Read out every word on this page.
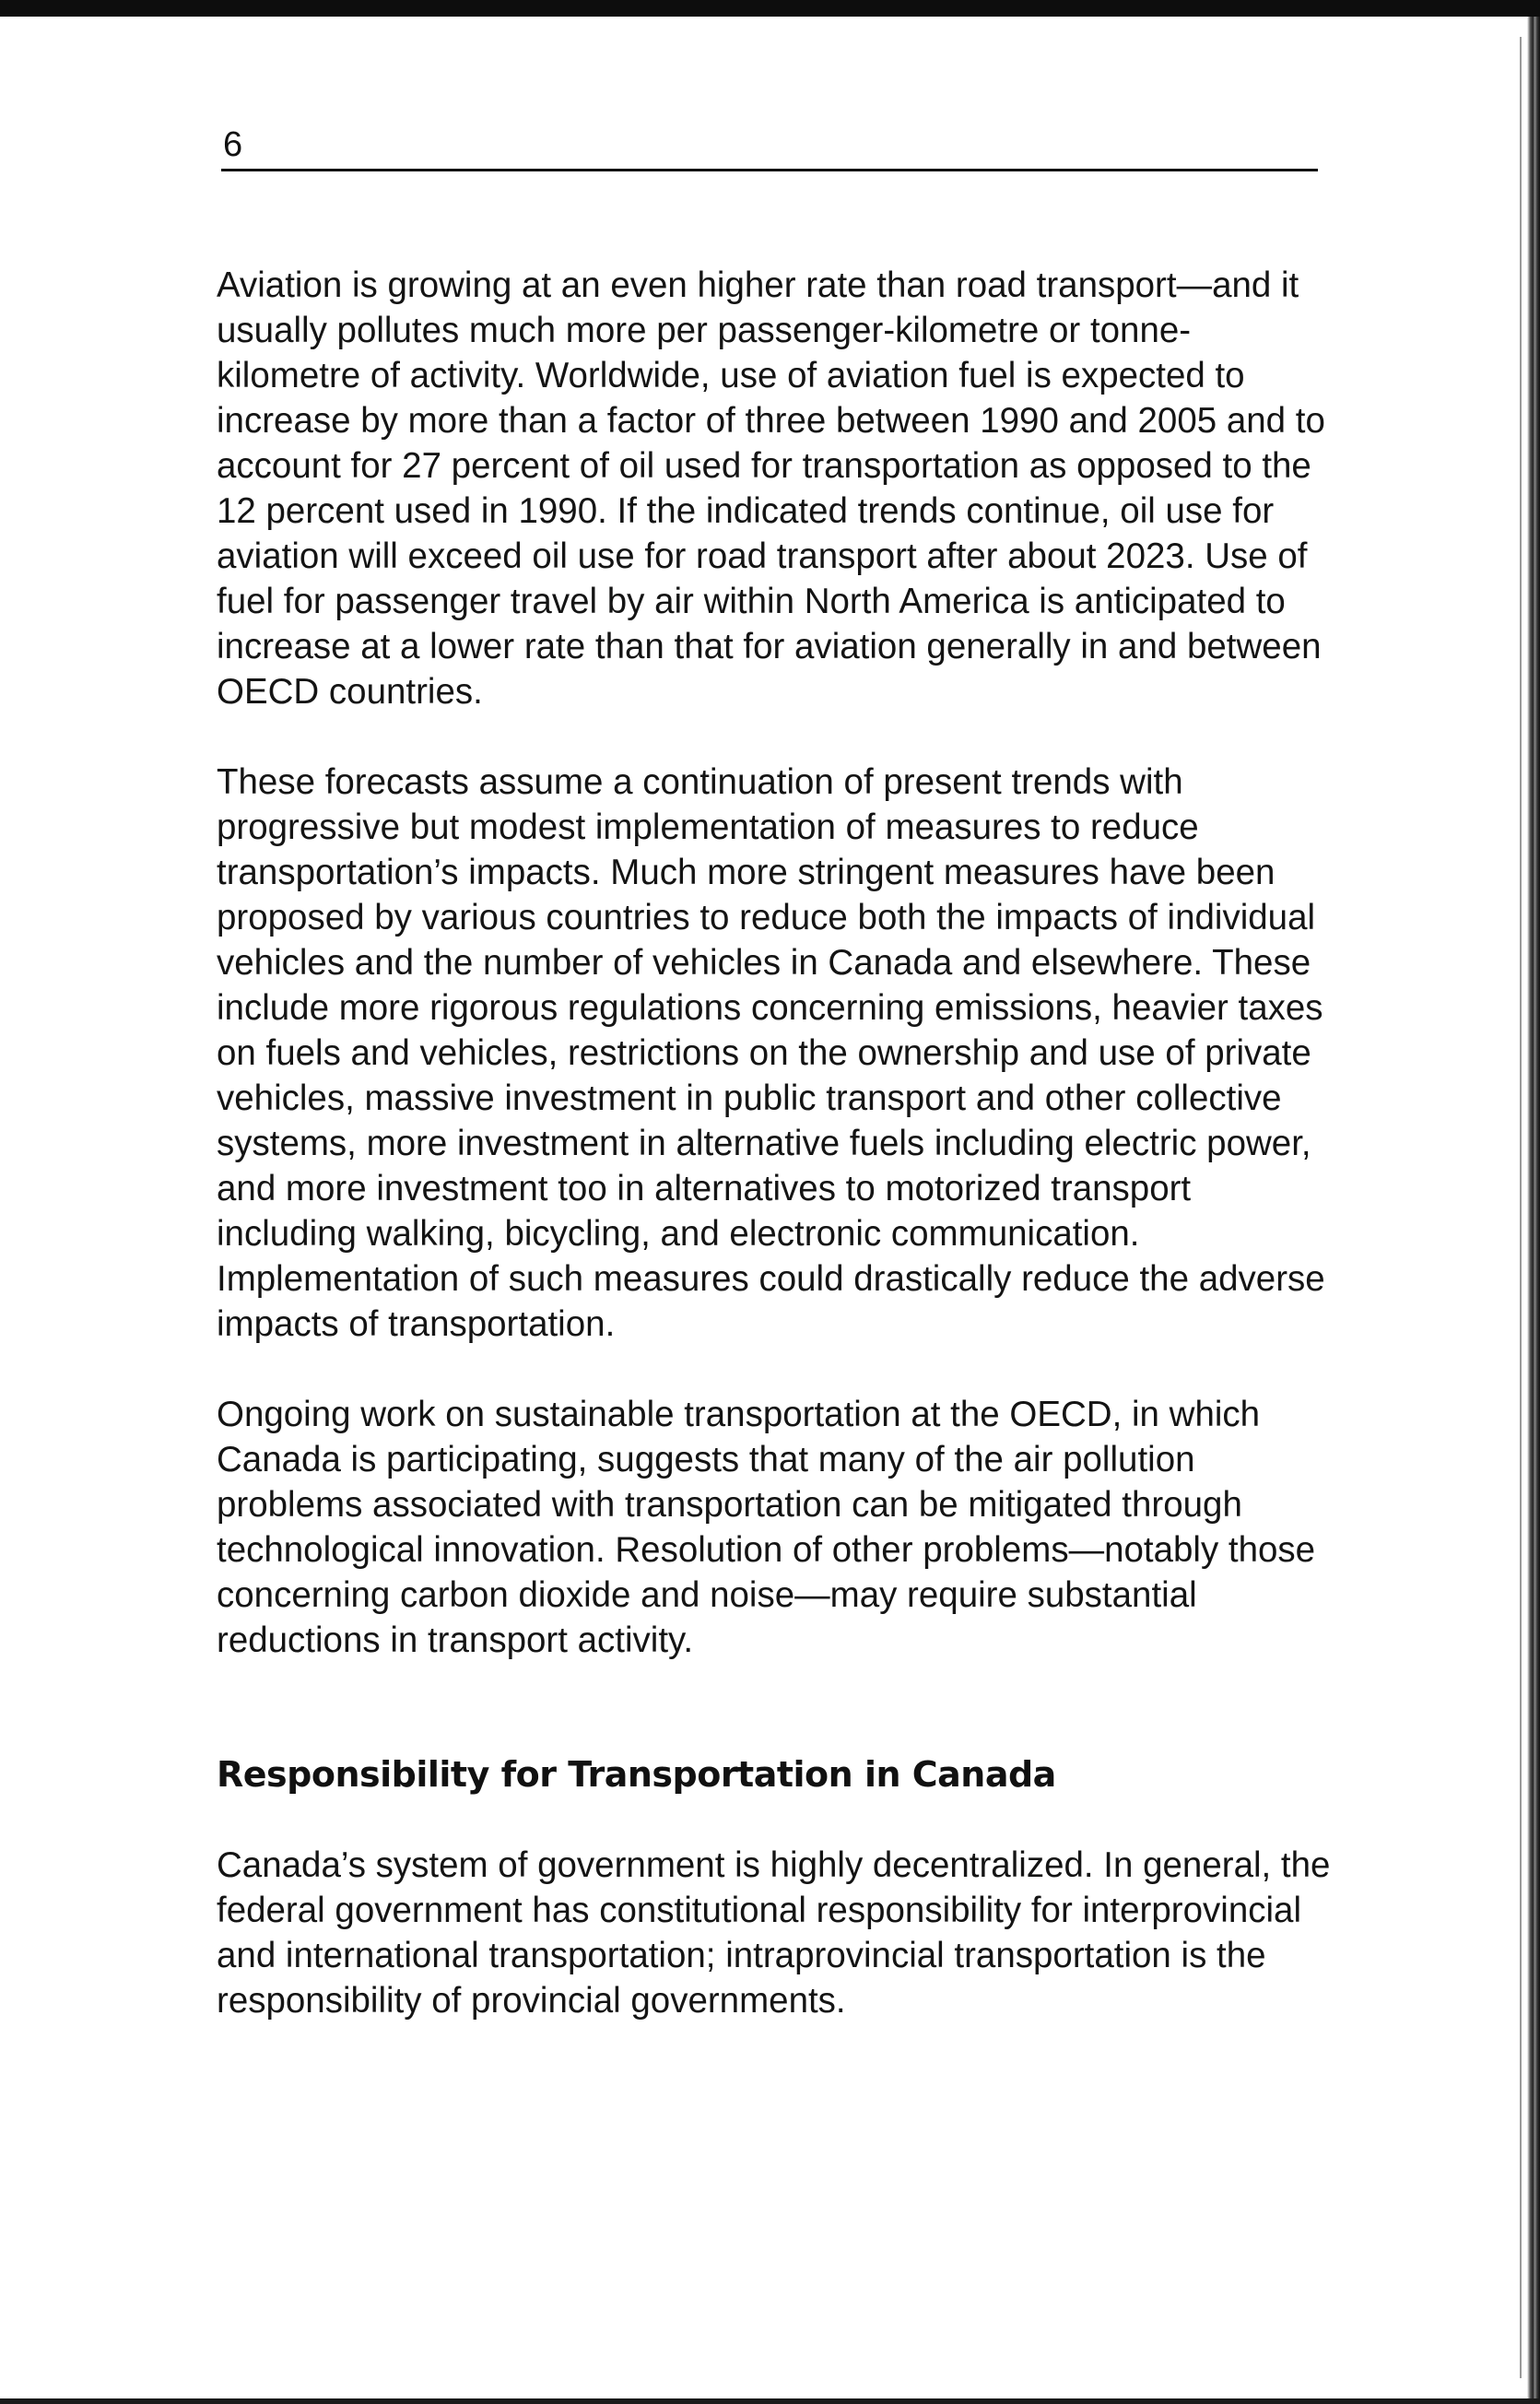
6

Aviation is growing at an even higher rate than road transport—and it usually pollutes much more per passenger-kilometre or tonne-kilometre of activity. Worldwide, use of aviation fuel is expected to increase by more than a factor of three between 1990 and 2005 and to account for 27 percent of oil used for transportation as opposed to the 12 percent used in 1990. If the indicated trends continue, oil use for aviation will exceed oil use for road transport after about 2023. Use of fuel for passenger travel by air within North America is anticipated to increase at a lower rate than that for aviation generally in and between OECD countries.

These forecasts assume a continuation of present trends with progressive but modest implementation of measures to reduce transportation’s impacts. Much more stringent measures have been proposed by various countries to reduce both the impacts of individual vehicles and the number of vehicles in Canada and elsewhere. These include more rigorous regulations concerning emissions, heavier taxes on fuels and vehicles, restrictions on the ownership and use of private vehicles, massive investment in public transport and other collective systems, more investment in alternative fuels including electric power, and more investment too in alternatives to motorized transport including walking, bicycling, and electronic communication. Implementation of such measures could drastically reduce the adverse impacts of transportation.

Ongoing work on sustainable transportation at the OECD, in which Canada is participating, suggests that many of the air pollution problems associated with transportation can be mitigated through technological innovation. Resolution of other problems—notably those concerning carbon dioxide and noise—may require substantial reductions in transport activity.

Responsibility for Transportation in Canada

Canada’s system of government is highly decentralized. In general, the federal government has constitutional responsibility for interprovincial and international transportation; intraprovincial transportation is the responsibility of provincial governments.
